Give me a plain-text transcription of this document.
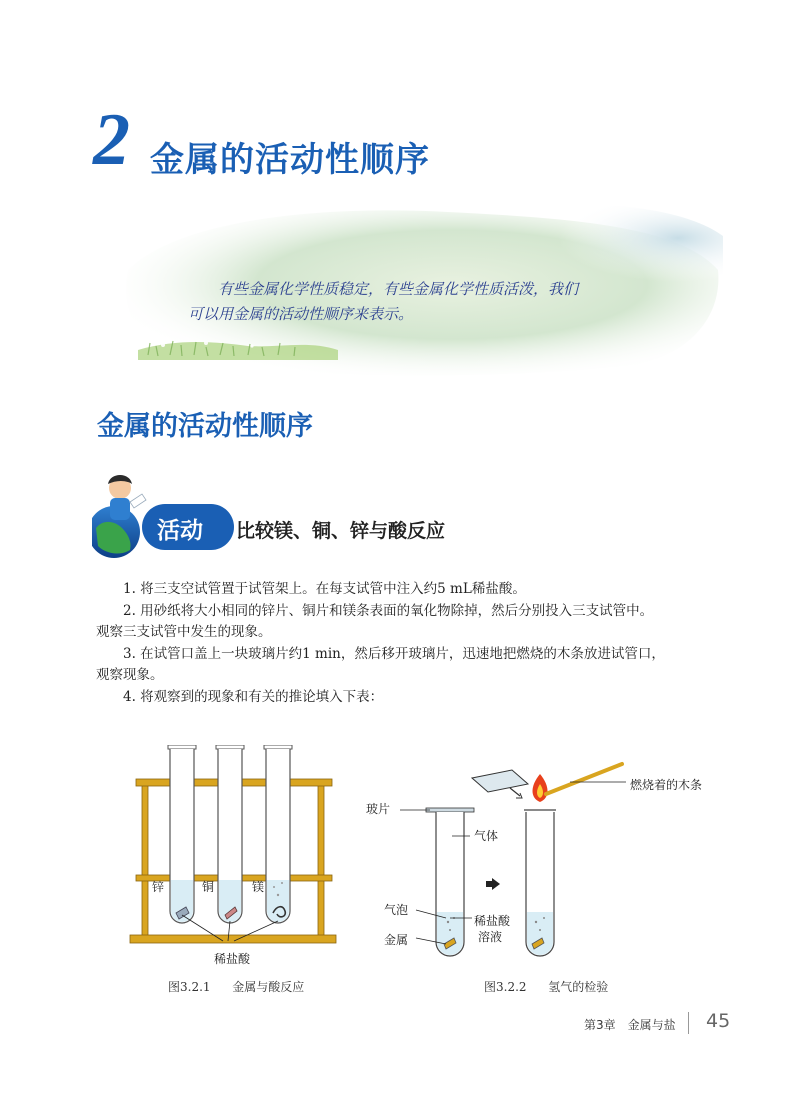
2 金属的活动性顺序

有些金属化学性质稳定，有些金属化学性质活泼，我们

可以用金属的活动性顺序来表示。

金属的活动性顺序
活动 比较镁、铜、锌与酸反应

1. 将三支空试管置于试管架上。在每支试管中注入约5 mL稀盐酸。

2. 用砂纸将大小相同的锌片、铜片和镁条表面的氧化物除掉，然后分别投入三支试管中。

观察三支试管中发生的现象。

3. 在试管口盖上一块玻璃片约1 min，然后移开玻璃片，迅速地把燃烧的木条放进试管口，

观察现象。

4. 将观察到的现象和有关的推论填入下表：

锌	铜	镁
稀盐酸
图3.2.1 金属与酸反应
玻片
气体
气泡
稀盐酸
溶液
金属
燃烧着的木条
图3.2.2 氢气的检验
第3章　金属与盐 45
